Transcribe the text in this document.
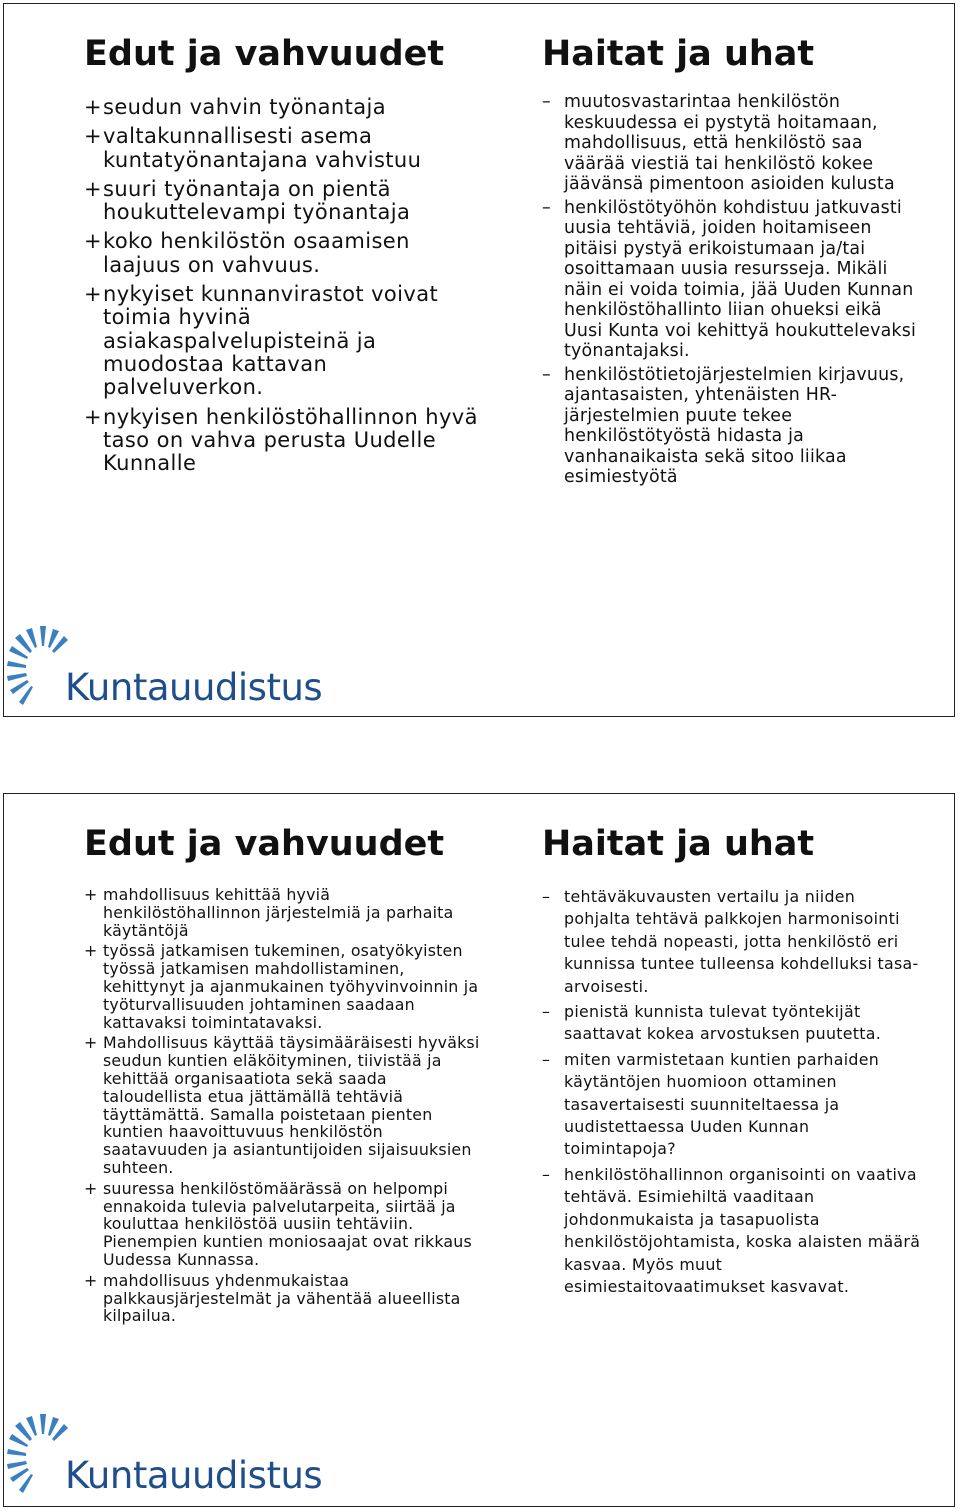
Edut ja vahvuudet
+ seudun vahvin työnantaja
+ valtakunnallisesti asema kuntatyönantajana vahvistuu
+ suuri työnantaja on pientä houkuttelevampi työnantaja
+ koko henkilöstön osaamisen laajuus on vahvuus.
+ nykyiset kunnanvirastot voivat toimia hyvinä asiakaspalvelupisteinä ja muodostaa kattavan palveluverkon.
+ nykyisen henkilöstöhallinnon hyvä taso on vahva perusta Uudelle Kunnalle
Haitat ja uhat
– muutosvastarintaa henkilöstön keskuudessa ei pystytä hoitamaan, mahdollisuus, että henkilöstö saa väärää viestiä tai henkilöstö kokee jäävänsä pimentoon asioiden kulusta
– henkilöstötyöhön kohdistuu jatkuvasti uusia tehtäviä, joiden hoitamiseen pitäisi pystyä erikoistumaan ja/tai osoittamaan uusia resursseja. Mikäli näin ei voida toimia, jää Uuden Kunnan henkilöstöhallinto liian ohueksi eikä Uusi Kunta voi kehittyä houkuttelevaksi työnantajaksi.
– henkilöstötietojärjestelmien kirjavuus, ajantasaisten, yhtenäisten HR-järjestelmien puute tekee henkilöstötyöstä hidasta ja vanhanaikaista sekä sitoo liikaa esimiestyötä
Kuntauudistus
Edut ja vahvuudet
+ mahdollisuus kehittää hyviä henkilöstöhallinnon järjestelmiä ja parhaita käytäntöjä
+ työssä jatkamisen tukeminen, osatyökyisten työssä jatkamisen mahdollistaminen, kehittynyt ja ajanmukainen työhyvinvoinnin ja työturvallisuuden johtaminen saadaan kattavaksi toimintatavaksi.
+ Mahdollisuus käyttää täysimääräisesti hyväksi seudun kuntien eläköityminen, tiivistää ja kehittää organisaatiota sekä saada taloudellista etua jättämällä tehtäviä täyttämättä. Samalla poistetaan pienten kuntien haavoittuvuus henkilöstön saatavuuden ja asiantuntijoiden sijaisuuksien suhteen.
+ suuressa henkilöstömäärässä on helpompi ennakoida tulevia palvelutarpeita, siirtää ja kouluttaa henkilöstöä uusiin tehtäviin. Pienempien kuntien moniosaajat ovat rikkaus Uudessa Kunnassa.
+ mahdollisuus yhdenmukaistaa palkkausjärjestelmät ja vähentää alueellista kilpailua.
Haitat ja uhat
– tehtäväkuvausten vertailu ja niiden pohjalta tehtävä palkkojen harmonisointi tulee tehdä nopeasti, jotta henkilöstö eri kunnissa tuntee tulleensa kohdelluksi tasa-arvoisesti.
– pienistä kunnista tulevat työntekijät saattavat kokea arvostuksen puutetta.
– miten varmistetaan kuntien parhaiden käytäntöjen huomioon ottaminen tasavertaisesti suunniteltaessa ja uudistettaessa Uuden Kunnan toimintapoja?
– henkilöstöhallinnon organisointi on vaativa tehtävä. Esimiehiltä vaaditaan johdonmukaista ja tasapuolista henkilöstöjohtamista, koska alaisten määrä kasvaa. Myös muut esimiestaitovaatimukset kasvavat.
Kuntauudistus
